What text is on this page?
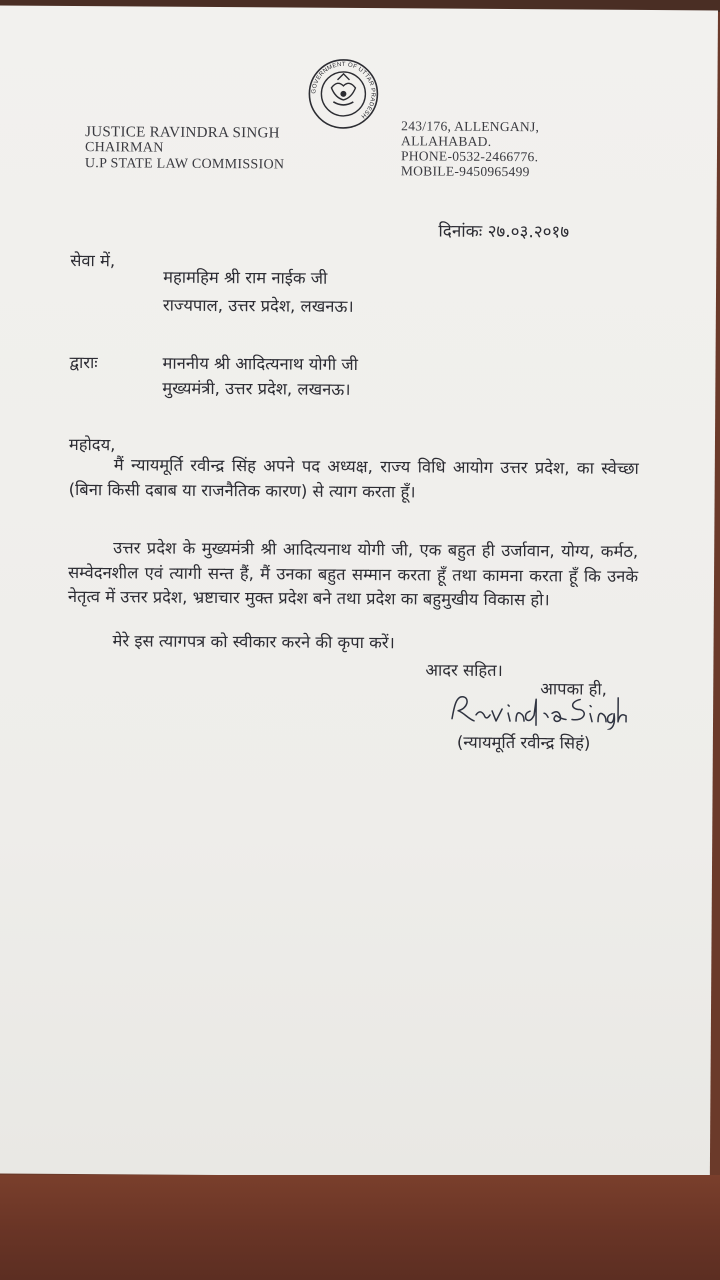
GOVERNMENT OF UTTAR PRADESH
JUSTICE RAVINDRA SINGH
CHAIRMAN
U.P STATE LAW COMMISSION
243/176, ALLENGANJ,
ALLAHABAD.
PHONE-0532-2466776.
MOBILE-9450965499
दिनांकः २७.०३.२०१७
सेवा में,
महामहिम श्री राम नाईक जी
राज्यपाल, उत्तर प्रदेश, लखनऊ।
द्वाराः	माननीय श्री आदित्यनाथ योगी जी
मुख्यमंत्री, उत्तर प्रदेश, लखनऊ।
महोदय,
मैं न्यायमूर्ति रवीन्द्र सिंह अपने पद अध्यक्ष, राज्य विधि आयोग उत्तर प्रदेश, का स्वेच्छा (बिना किसी दबाब या राजनैतिक कारण) से त्याग करता हूँ।
उत्तर प्रदेश के मुख्यमंत्री श्री आदित्यनाथ योगी जी, एक बहुत ही उर्जावान, योग्य, कर्मठ, सम्वेदनशील एवं त्यागी सन्त हैं, मैं उनका बहुत सम्मान करता हूँ तथा कामना करता हूँ कि उनके नेतृत्व में उत्तर प्रदेश, भ्रष्टाचार मुक्त प्रदेश बने तथा प्रदेश का बहुमुखीय विकास हो।
मेरे इस त्यागपत्र को स्वीकार करने की कृपा करें।
आदर सहित।
आपका ही,
(न्यायमूर्ति रवीन्द्र सिहं)
